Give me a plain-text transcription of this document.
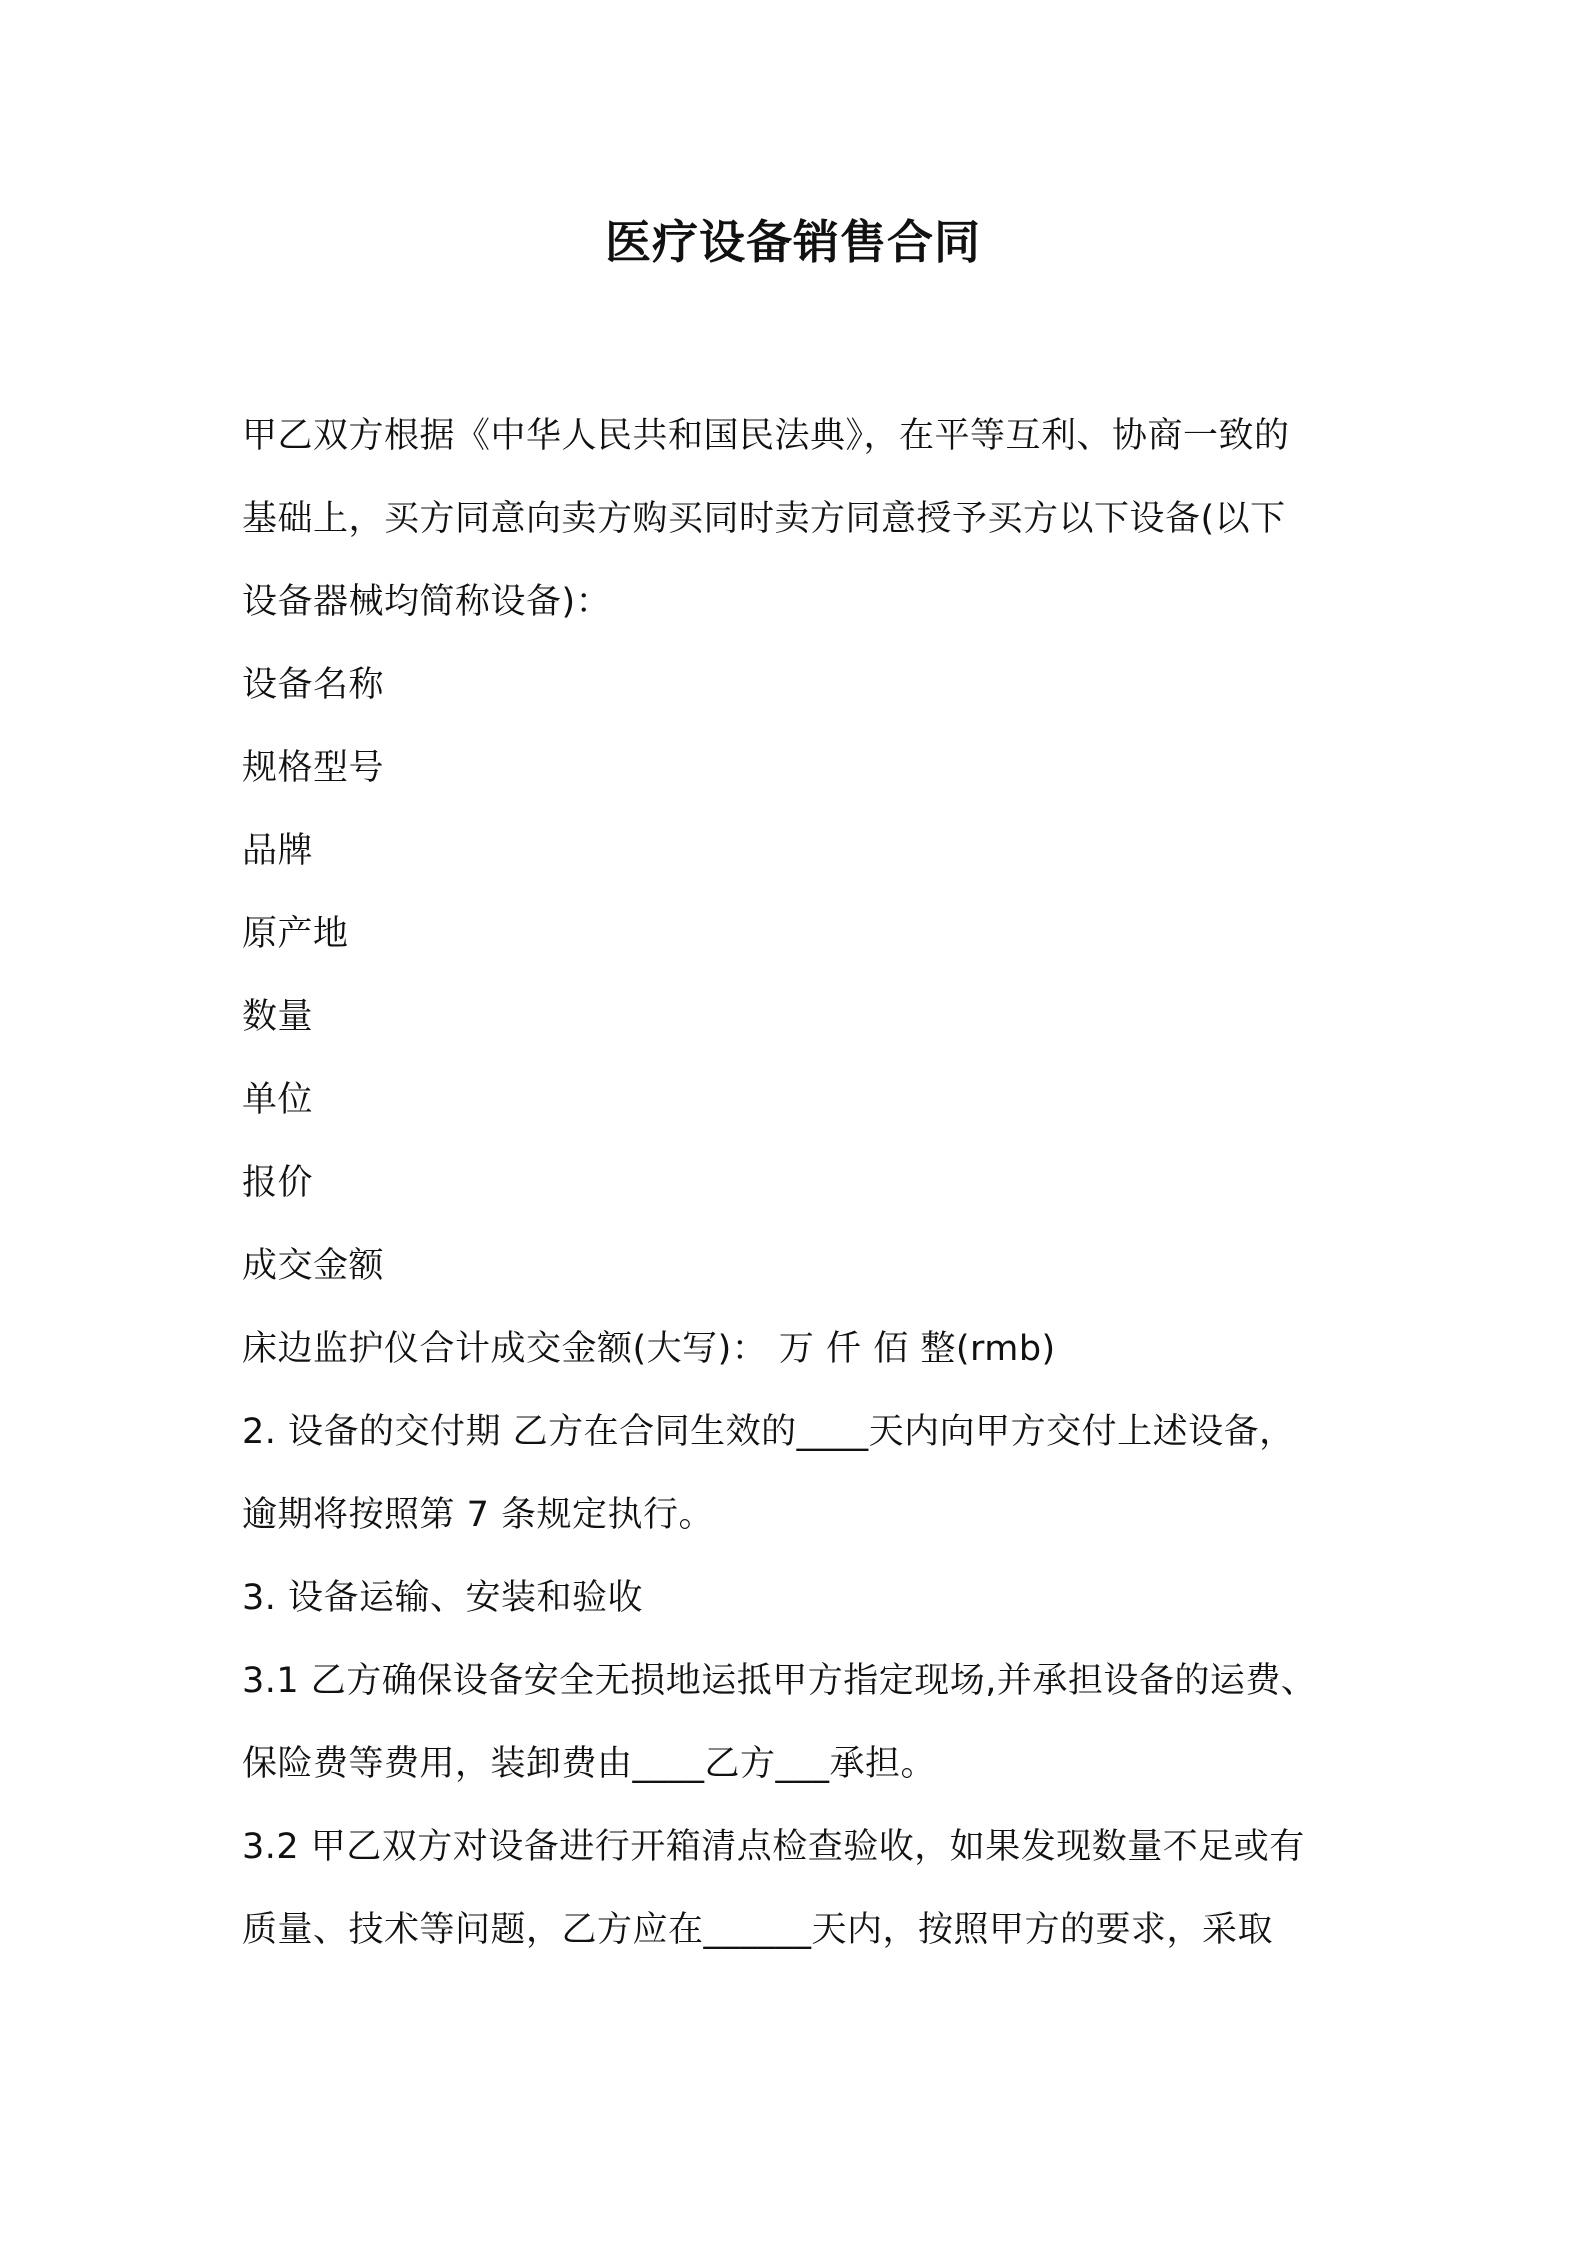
医疗设备销售合同
甲乙双方根据《中华人民共和国民法典》，在平等互利、协商一致的
基础上，买方同意向卖方购买同时卖方同意授予买方以下设备(以下
设备器械均简称设备)：
设备名称
规格型号
品牌
原产地
数量
单位
报价
成交金额
床边监护仪合计成交金额(大写)： 万 仟 佰 整(rmb)
2. 设备的交付期 乙方在合同生效的____天内向甲方交付上述设备，
逾期将按照第 7 条规定执行。
3. 设备运输、安装和验收
3.1 乙方确保设备安全无损地运抵甲方指定现场,并承担设备的运费、
保险费等费用，装卸费由____乙方___承担。
3.2 甲乙双方对设备进行开箱清点检查验收，如果发现数量不足或有
质量、技术等问题，乙方应在______天内，按照甲方的要求，采取
